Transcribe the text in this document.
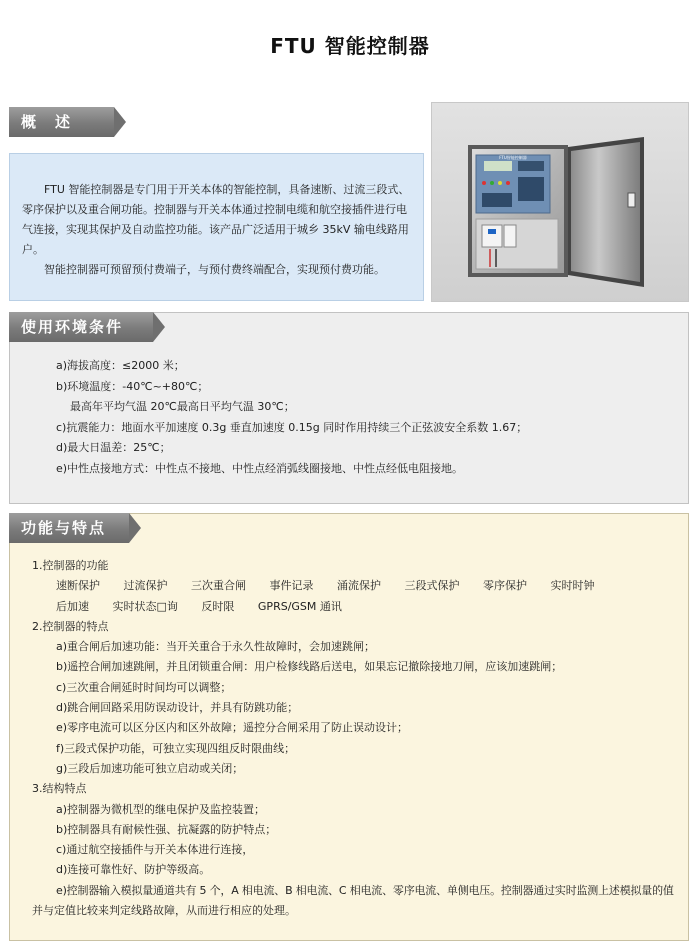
FTU 智能控制器
概　述

FTU 智能控制器是专门用于开关本体的智能控制，具备速断、过流三段式、零序保护以及重合闸功能。控制器与开关本体通过控制电缆和航空接插件进行电气连接，实现其保护及自动监控功能。该产品广泛适用于城乡 35kV 输电线路用户。

智能控制器可预留预付费端子，与预付费终端配合，实现预付费功能。

FTU智能控制器
使用环境条件
a)海拔高度：≤2000 米；
b)环境温度：-40℃~+80℃；
最高年平均气温 20℃最高日平均气温 30℃；
c)抗震能力：地面水平加速度 0.3g 垂直加速度 0.15g 同时作用持续三个正弦波安全系数 1.67；
d)最大日温差：25℃；
e)中性点接地方式：中性点不接地、中性点经消弧线圈接地、中性点经低电阻接地。
功能与特点
1.控制器的功能
速断保护 过流保护 三次重合闸 事件记录 涌流保护 三段式保护 零序保护 实时时钟
后加速 实时状态□询 反时限 GPRS/GSM 通讯
2.控制器的特点
a)重合闸后加速功能：当开关重合于永久性故障时，会加速跳闸；
b)遥控合闸加速跳闸，并且闭锁重合闸：用户检修线路后送电，如果忘记撤除接地刀闸，应该加速跳闸；
c)三次重合闸延时时间均可以调整；
d)跳合闸回路采用防误动设计，并具有防跳功能；
e)零序电流可以区分区内和区外故障；遥控分合闸采用了防止误动设计；
f)三段式保护功能，可独立实现四组反时限曲线；
g)三段后加速功能可独立启动或关闭；
3.结构特点
a)控制器为微机型的继电保护及监控装置；
b)控制器具有耐候性强、抗凝露的防护特点；
c)通过航空接插件与开关本体进行连接，
d)连接可靠性好、防护等级高。
e)控制器输入模拟量通道共有 5 个，A 相电流、B 相电流、C 相电流、零序电流、单侧电压。控制器通过实时监测上述模拟量的值
并与定值比较来判定线路故障，从而进行相应的处理。
